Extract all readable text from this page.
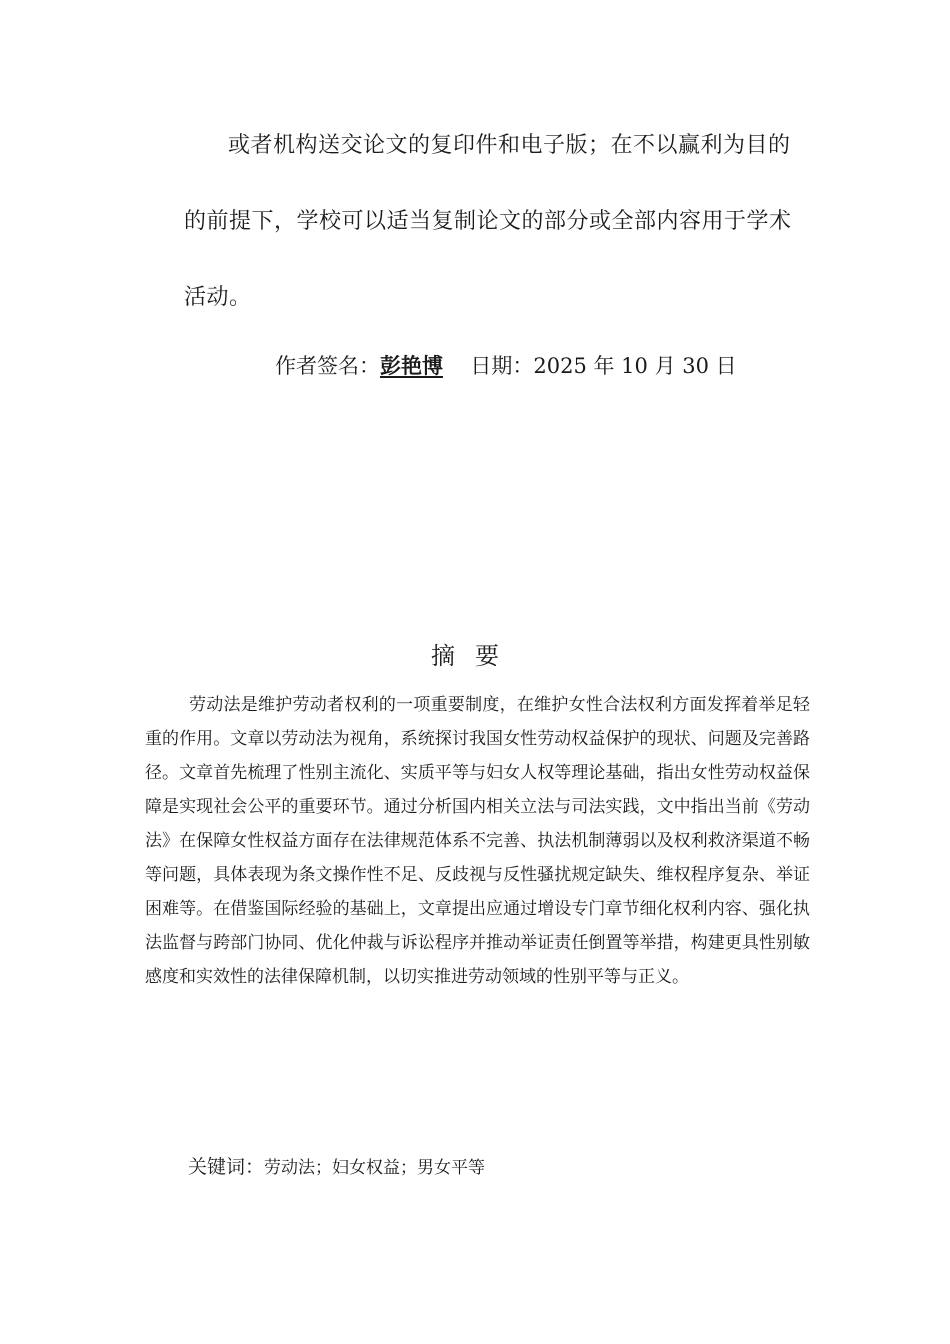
或者机构送交论文的复印件和电子版；在不以赢利为目的
的前提下，学校可以适当复制论文的部分或全部内容用于学术
活动。
作者签名：彭艳博 日期：2025 年 10 月 30 日
摘要
劳动法是维护劳动者权利的一项重要制度，在维护女性合法权利方面发挥着举足轻重的作用。文章以劳动法为视角，系统探讨我国女性劳动权益保护的现状、问题及完善路径。文章首先梳理了性别主流化、实质平等与妇女人权等理论基础，指出女性劳动权益保障是实现社会公平的重要环节。通过分析国内相关立法与司法实践，文中指出当前《劳动法》在保障女性权益方面存在法律规范体系不完善、执法机制薄弱以及权利救济渠道不畅等问题，具体表现为条文操作性不足、反歧视与反性骚扰规定缺失、维权程序复杂、举证困难等。在借鉴国际经验的基础上，文章提出应通过增设专门章节细化权利内容、强化执法监督与跨部门协同、优化仲裁与诉讼程序并推动举证责任倒置等举措，构建更具性别敏感度和实效性的法律保障机制，以切实推进劳动领域的性别平等与正义。
关键词：劳动法；妇女权益；男女平等
